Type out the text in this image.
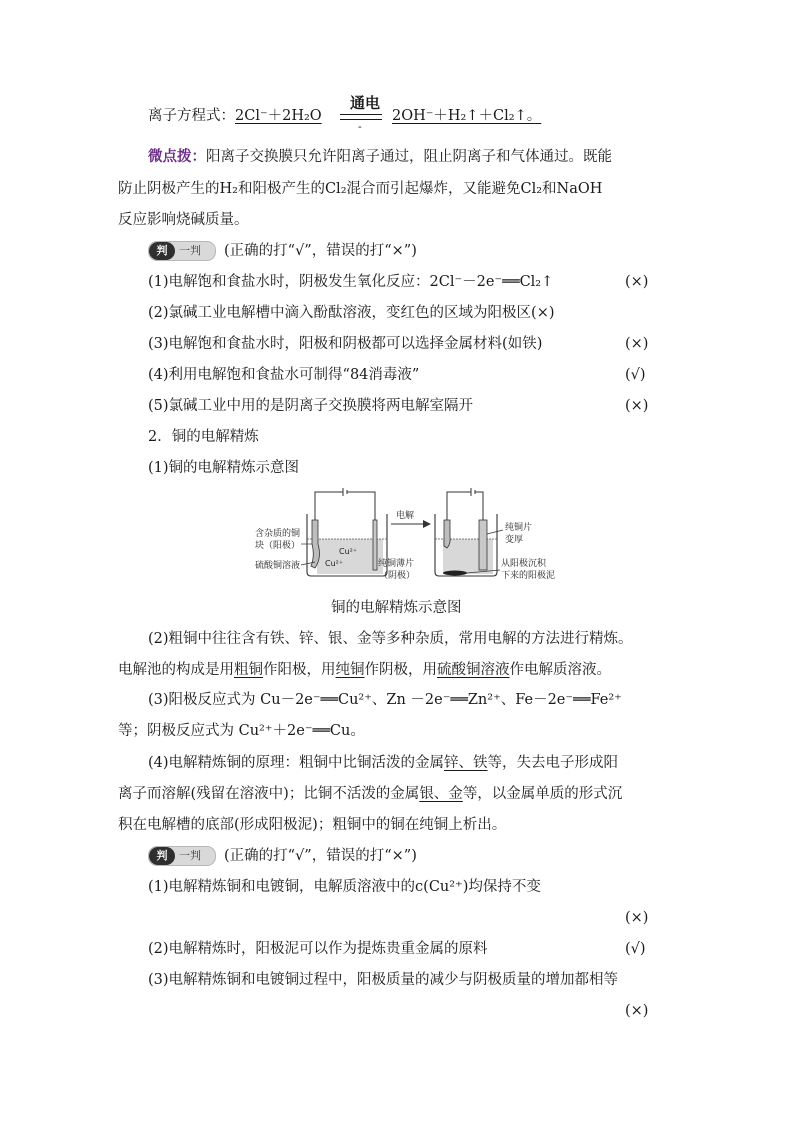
离子方程式：2Cl⁻＋2H₂O
通电
-
2OH⁻＋H₂↑＋Cl₂↑。
微点拨：阳离子交换膜只允许阳离子通过，阻止阴离子和气体通过。既能
防止阴极产生的H₂和阳极产生的Cl₂混合而引起爆炸，又能避免Cl₂和NaOH
反应影响烧碱质量。
判	一判 (正确的打“√”，错误的打“×”)
(1)电解饱和食盐水时，阴极发生氧化反应：2Cl⁻－2e⁻══Cl₂↑	(×)
(2)氯碱工业电解槽中滴入酚酞溶液，变红色的区域为阳极区(×)
(3)电解饱和食盐水时，阳极和阴极都可以选择金属材料(如铁)	(×)
(4)利用电解饱和食盐水可制得“84消毒液”	(√)
(5)氯碱工业中用的是阴离子交换膜将两电解室隔开	(×)
2．铜的电解精炼
(1)铜的电解精炼示意图
Cu²⁺
Cu²⁺
含杂质的铜
块（阳极）
硫酸铜溶液	纯铜薄片
（阴极）
电解
纯铜片
变厚
从阳极沉积
下来的阳极泥
铜的电解精炼示意图
(2)粗铜中往往含有铁、锌、银、金等多种杂质，常用电解的方法进行精炼。
电解池的构成是用粗铜作阳极，用纯铜作阴极，用硫酸铜溶液作电解质溶液。
(3)阳极反应式为 Cu－2e⁻══Cu²⁺、Zn －2e⁻══Zn²⁺、Fe－2e⁻══Fe²⁺
等；阴极反应式为 Cu²⁺＋2e⁻══Cu。
(4)电解精炼铜的原理：粗铜中比铜活泼的金属锌、铁等，失去电子形成阳
离子而溶解(残留在溶液中)；比铜不活泼的金属银、金等，以金属单质的形式沉
积在电解槽的底部(形成阳极泥)；粗铜中的铜在纯铜上析出。
判	一判 (正确的打“√”，错误的打“×”)
(1)电解精炼铜和电镀铜，电解质溶液中的c(Cu²⁺)均保持不变
(×)
(2)电解精炼时，阳极泥可以作为提炼贵重金属的原料	(√)
(3)电解精炼铜和电镀铜过程中，阳极质量的减少与阴极质量的增加都相等
(×)
